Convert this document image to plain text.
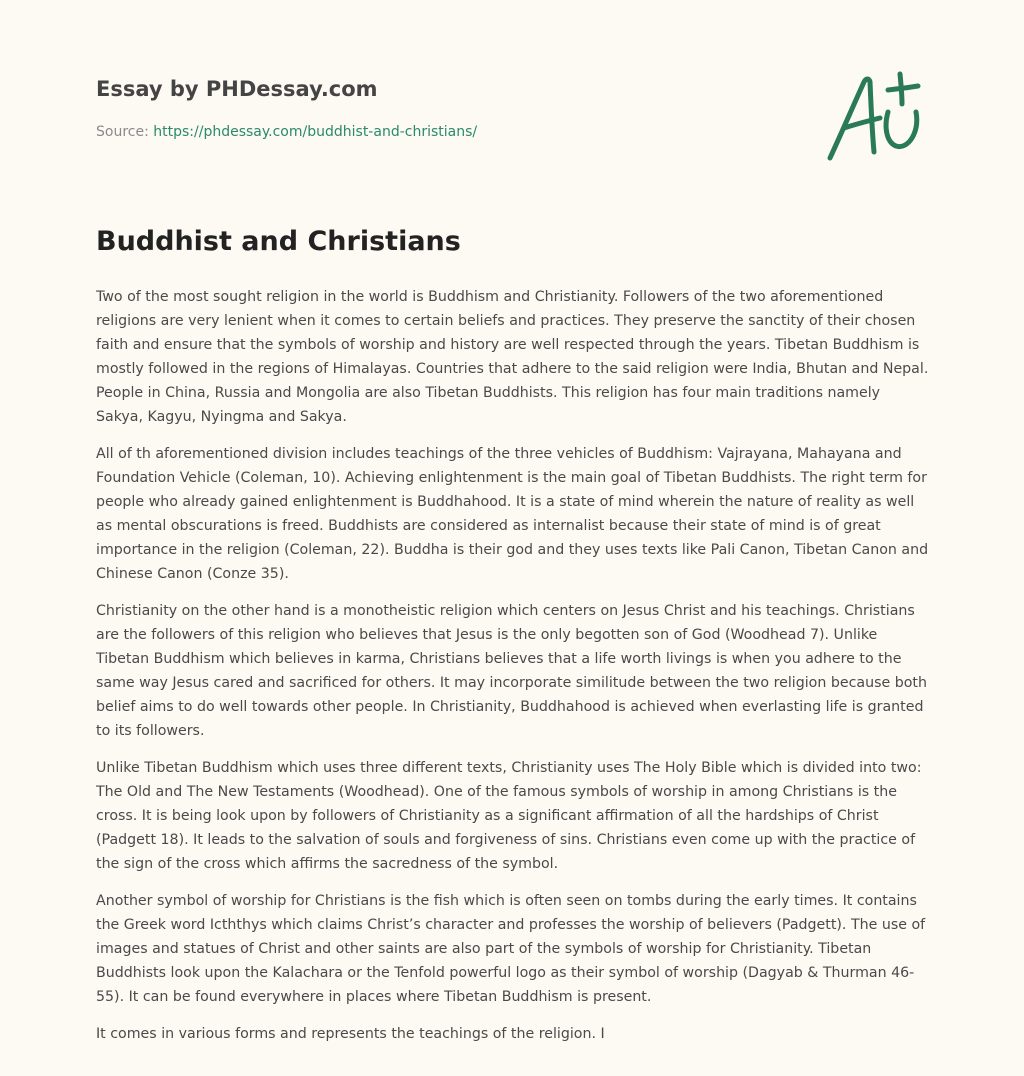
Essay by PHDessay.com
Source: https://phdessay.com/buddhist-and-christians/
Buddhist and Christians

Two of the most sought religion in the world is Buddhism and Christianity. Followers of the two aforementioned religions are very lenient when it comes to certain beliefs and practices. They preserve the sanctity of their chosen faith and ensure that the symbols of worship and history are well respected through the years. Tibetan Buddhism is mostly followed in the regions of Himalayas. Countries that adhere to the said religion were India, Bhutan and Nepal. People in China, Russia and Mongolia are also Tibetan Buddhists. This religion has four main traditions namely Sakya, Kagyu, Nyingma and Sakya.

All of th aforementioned division includes teachings of the three vehicles of Buddhism: Vajrayana, Mahayana and Foundation Vehicle (Coleman, 10). Achieving enlightenment is the main goal of Tibetan Buddhists. The right term for people who already gained enlightenment is Buddhahood. It is a state of mind wherein the nature of reality as well as mental obscurations is freed. Buddhists are considered as internalist because their state of mind is of great importance in the religion (Coleman, 22). Buddha is their god and they uses texts like Pali Canon, Tibetan Canon and Chinese Canon (Conze 35).

Christianity on the other hand is a monotheistic religion which centers on Jesus Christ and his teachings. Christians are the followers of this religion who believes that Jesus is the only begotten son of God (Woodhead 7). Unlike Tibetan Buddhism which believes in karma, Christians believes that a life worth livings is when you adhere to the same way Jesus cared and sacrificed for others. It may incorporate similitude between the two religion because both belief aims to do well towards other people. In Christianity, Buddhahood is achieved when everlasting life is granted to its followers.

Unlike Tibetan Buddhism which uses three different texts, Christianity uses The Holy Bible which is divided into two: The Old and The New Testaments (Woodhead). One of the famous symbols of worship in among Christians is the cross. It is being look upon by followers of Christianity as a significant affirmation of all the hardships of Christ (Padgett 18). It leads to the salvation of souls and forgiveness of sins. Christians even come up with the practice of the sign of the cross which affirms the sacredness of the symbol.

Another symbol of worship for Christians is the fish which is often seen on tombs during the early times. It contains the Greek word Icththys which claims Christ’s character and professes the worship of believers (Padgett). The use of images and statues of Christ and other saints are also part of the symbols of worship for Christianity. Tibetan Buddhists look upon the Kalachara or the Tenfold powerful logo as their symbol of worship (Dagyab & Thurman 46-55). It can be found everywhere in places where Tibetan Buddhism is present.

It comes in various forms and represents the teachings of the religion. I
